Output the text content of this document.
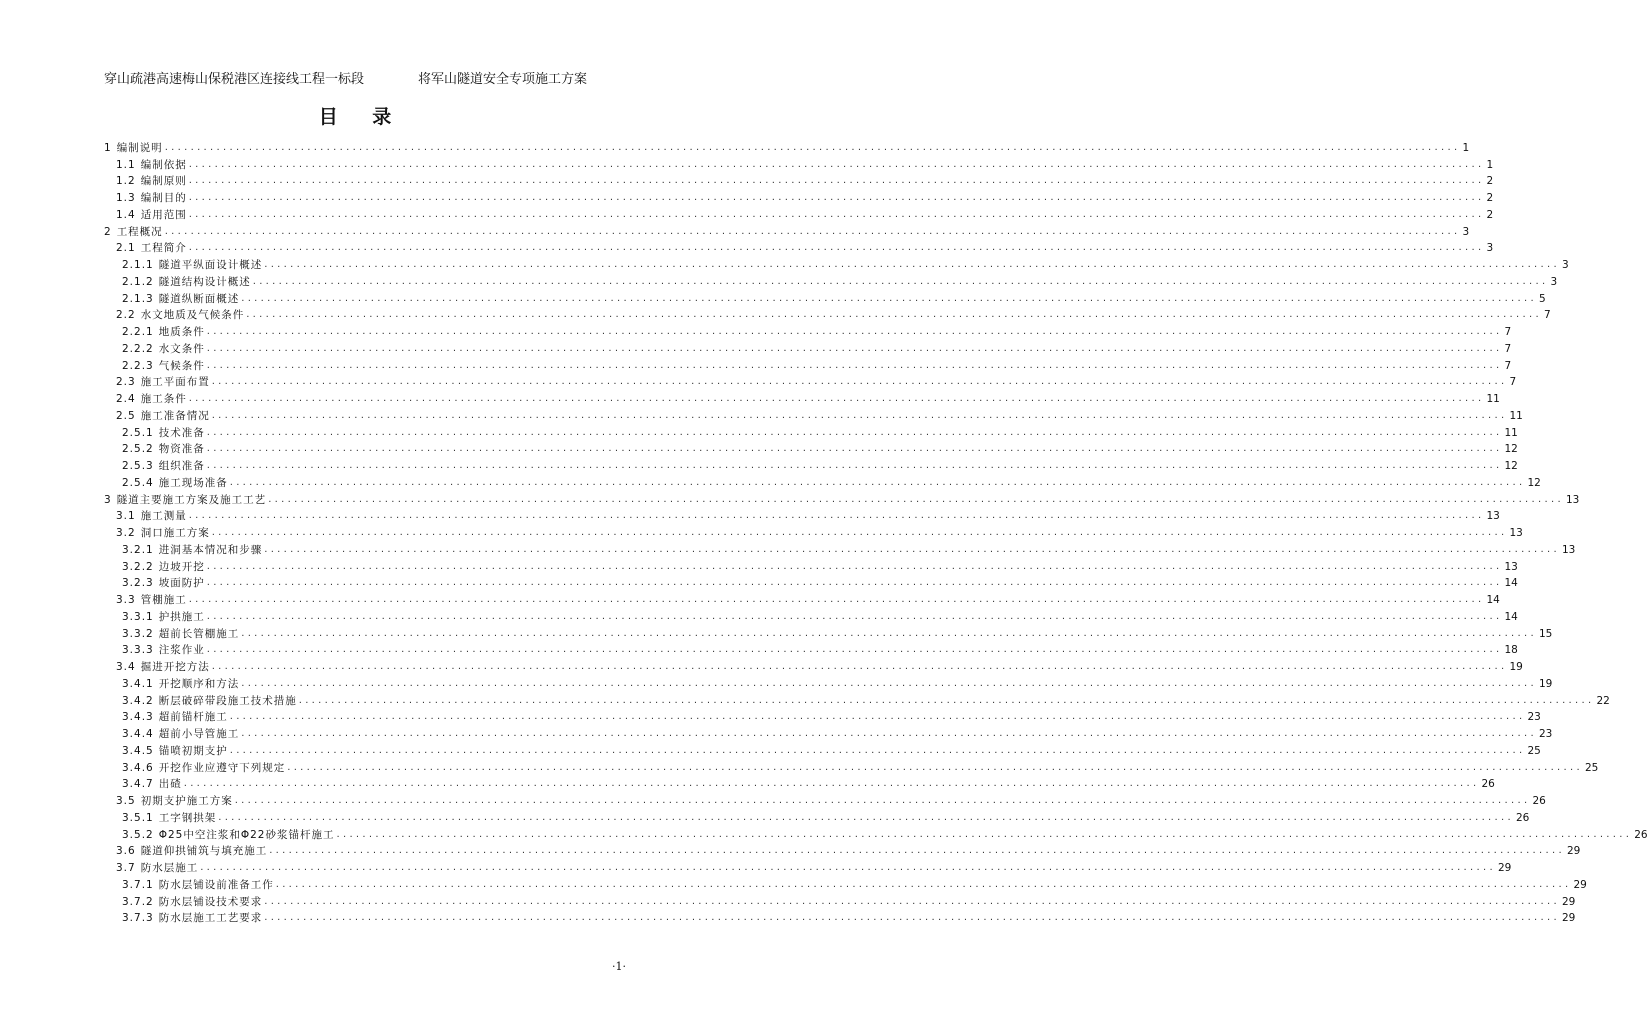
穿山疏港高速梅山保税港区连接线工程一标段	将军山隧道安全专项施工方案
目 录
1 编制说明 ........................................................................................................................................................................................................ 1
1.1 编制依据 ........................................................................................................................................................................................................ 1
1.2 编制原则 ........................................................................................................................................................................................................ 2
1.3 编制目的 ........................................................................................................................................................................................................ 2
1.4 适用范围 ........................................................................................................................................................................................................ 2
2 工程概况 ........................................................................................................................................................................................................ 3
2.1 工程简介 ........................................................................................................................................................................................................ 3
2.1.1 隧道平纵面设计概述 ........................................................................................................................................................................................................ 3
2.1.2 隧道结构设计概述 ........................................................................................................................................................................................................ 3
2.1.3 隧道纵断面概述 ........................................................................................................................................................................................................ 5
2.2 水文地质及气候条件 ........................................................................................................................................................................................................ 7
2.2.1 地质条件 ........................................................................................................................................................................................................ 7
2.2.2 水文条件 ........................................................................................................................................................................................................ 7
2.2.3 气候条件 ........................................................................................................................................................................................................ 7
2.3 施工平面布置 ........................................................................................................................................................................................................ 7
2.4 施工条件 ........................................................................................................................................................................................................ 11
2.5 施工准备情况 ........................................................................................................................................................................................................ 11
2.5.1 技术准备 ........................................................................................................................................................................................................ 11
2.5.2 物资准备 ........................................................................................................................................................................................................ 12
2.5.3 组织准备 ........................................................................................................................................................................................................ 12
2.5.4 施工现场准备 ........................................................................................................................................................................................................ 12
3 隧道主要施工方案及施工工艺 ........................................................................................................................................................................................................ 13
3.1 施工测量 ........................................................................................................................................................................................................ 13
3.2 洞口施工方案 ........................................................................................................................................................................................................ 13
3.2.1 进洞基本情况和步骤 ........................................................................................................................................................................................................ 13
3.2.2 边坡开挖 ........................................................................................................................................................................................................ 13
3.2.3 坡面防护 ........................................................................................................................................................................................................ 14
3.3 管棚施工 ........................................................................................................................................................................................................ 14
3.3.1 护拱施工 ........................................................................................................................................................................................................ 14
3.3.2 超前长管棚施工 ........................................................................................................................................................................................................ 15
3.3.3 注浆作业 ........................................................................................................................................................................................................ 18
3.4 掘进开挖方法 ........................................................................................................................................................................................................ 19
3.4.1 开挖顺序和方法 ........................................................................................................................................................................................................ 19
3.4.2 断层破碎带段施工技术措施 ........................................................................................................................................................................................................ 22
3.4.3 超前锚杆施工 ........................................................................................................................................................................................................ 23
3.4.4 超前小导管施工 ........................................................................................................................................................................................................ 23
3.4.5 锚喷初期支护 ........................................................................................................................................................................................................ 25
3.4.6 开挖作业应遵守下列规定 ........................................................................................................................................................................................................ 25
3.4.7 出碴 ........................................................................................................................................................................................................ 26
3.5 初期支护施工方案 ........................................................................................................................................................................................................ 26
3.5.1 工字钢拱架 ........................................................................................................................................................................................................ 26
3.5.2 Φ25中空注浆和Φ22砂浆锚杆施工 ........................................................................................................................................................................................................ 26
3.6 隧道仰拱铺筑与填充施工 ........................................................................................................................................................................................................ 29
3.7 防水层施工 ........................................................................................................................................................................................................ 29
3.7.1 防水层铺设前准备工作 ........................................................................................................................................................................................................ 29
3.7.2 防水层铺设技术要求 ........................................................................................................................................................................................................ 29
3.7.3 防水层施工工艺要求 ........................................................................................................................................................................................................ 29
·1·
